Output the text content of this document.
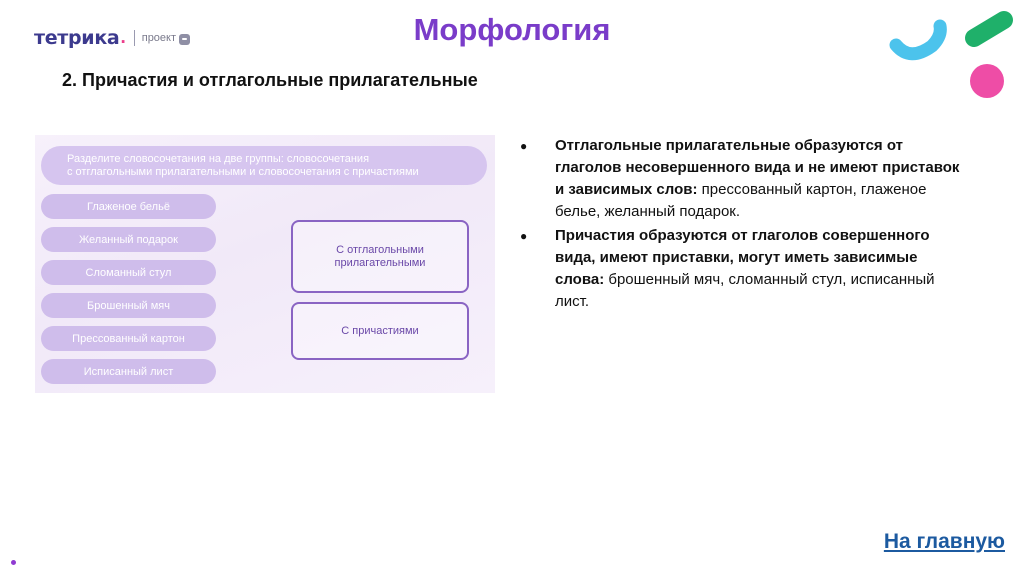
тетрика . проект	Морфология
2. Причастия и отглагольные прилагательные
Разделите словосочетания на две группы: словосочетания
с отглагольными прилагательными и словосочетания с причастиями
Глаженое бельё
Желанный подарок
Сломанный стул
Брошенный мяч
Прессованный картон
Исписанный лист
С отглагольными
прилагательными
С причастиями
● Отглагольные прилагательные образуются от глаголов несовершенного вида и не имеют приставок и зависимых слов: прессованный картон, глаженое белье, желанный подарок.
● Причастия образуются от глаголов совершенного вида, имеют приставки, могут иметь зависимые слова: брошенный мяч, сломанный стул, исписанный лист.
На главную
